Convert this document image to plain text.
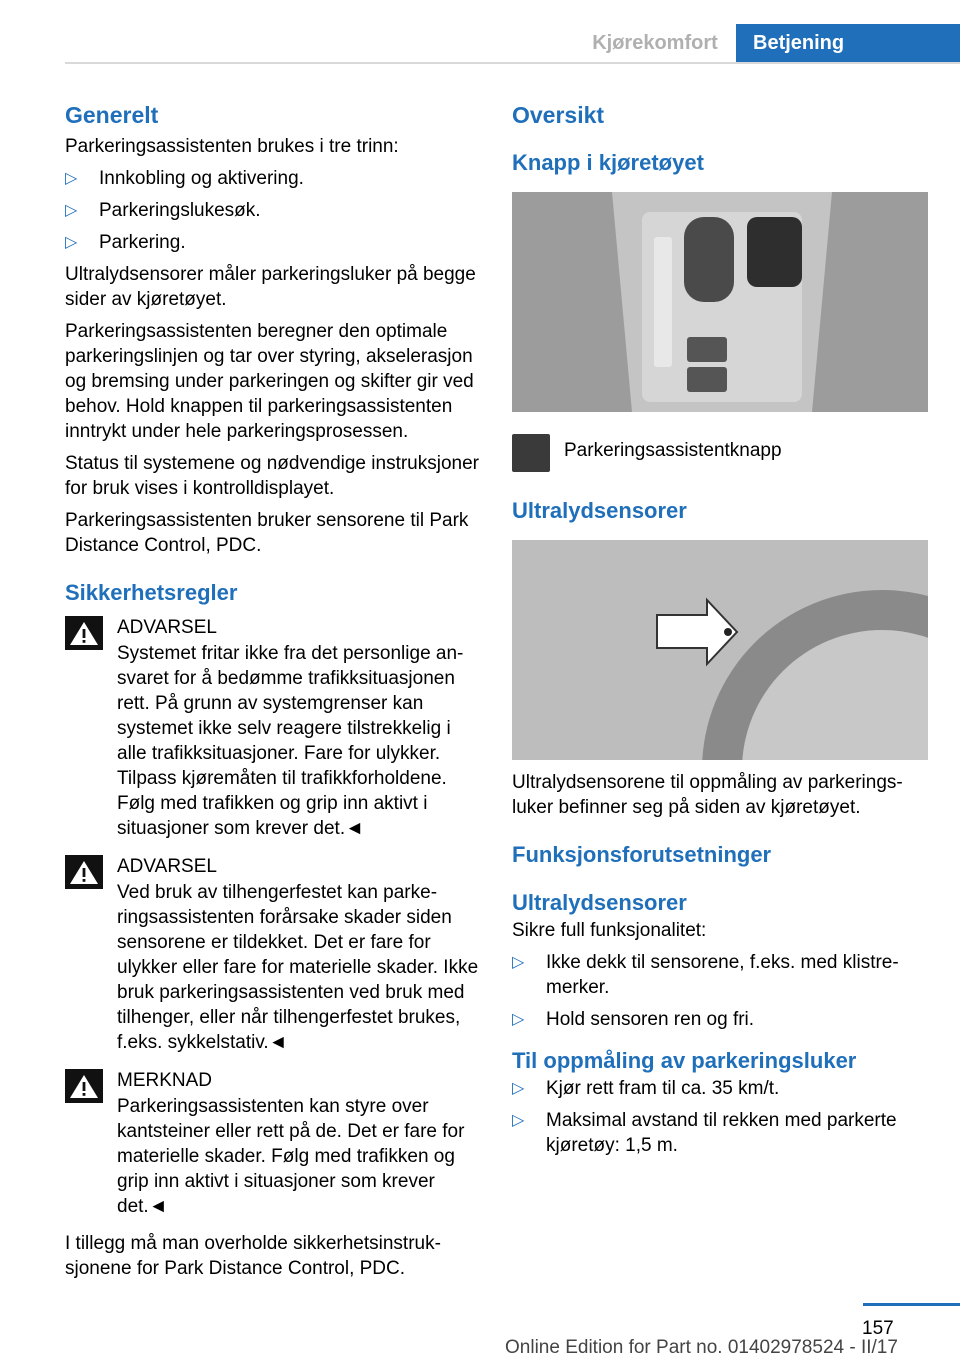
Kjørekomfort	Betjening
Generelt

Parkeringsassistenten brukes i tre trinn:

▷ Innkobling og aktivering.
▷ Parkeringslukesøk.
▷ Parkering.

Ultralydsensorer måler parkeringsluker på begge sider av kjøretøyet.

Parkeringsassistenten beregner den optimale parkeringslinjen og tar over styring, akselerasjon og bremsing under parkeringen og skifter gir ved behov. Hold knappen til parkeringsassistenten inntrykt under hele parkeringsprosessen.

Status til systemene og nødvendige instruksjoner for bruk vises i kontrolldisplayet.

Parkeringsassistenten bruker sensorene til Park Distance Control, PDC.

Sikkerhetsregler
ADVARSEL
Systemet fritar ikke fra det personlige ansvaret for å bedømme trafikksituasjonen rett. På grunn av systemgrenser kan systemet ikke selv reagere tilstrekkelig i alle trafikksituasjoner. Fare for ulykker. Tilpass kjøremåten til trafikkforholdene. Følg med trafikken og grip inn aktivt i situasjoner som krever det.◄
ADVARSEL
Ved bruk av tilhengerfestet kan parkeringsassistenten forårsake skader siden sensorene er tildekket. Det er fare for ulykker eller fare for materielle skader. Ikke bruk parkeringsassistenten ved bruk med tilhenger, eller når tilhengerfestet brukes, f.eks. sykkelstativ.◄
MERKNAD
Parkeringsassistenten kan styre over kantsteiner eller rett på de. Det er fare for materielle skader. Følg med trafikken og grip inn aktivt i situasjoner som krever det.◄

I tillegg må man overholde sikkerhetsinstruksjonene for Park Distance Control, PDC.

Oversikt
Knapp i kjøretøyet
Parkeringsassistentknapp
Ultralydsensorer

Ultralydsensorene til oppmåling av parkeringsluker befinner seg på siden av kjøretøyet.

Funksjonsforutsetninger
Ultralydsensorer

Sikre full funksjonalitet:

▷ Ikke dekk til sensorene, f.eks. med klistremerker.
▷ Hold sensoren ren og fri.
Til oppmåling av parkeringsluker
▷ Kjør rett fram til ca. 35 km/t.
▷ Maksimal avstand til rekken med parkerte kjøretøy: 1,5 m.
157
Online Edition for Part no. 01402978524 - II/17
